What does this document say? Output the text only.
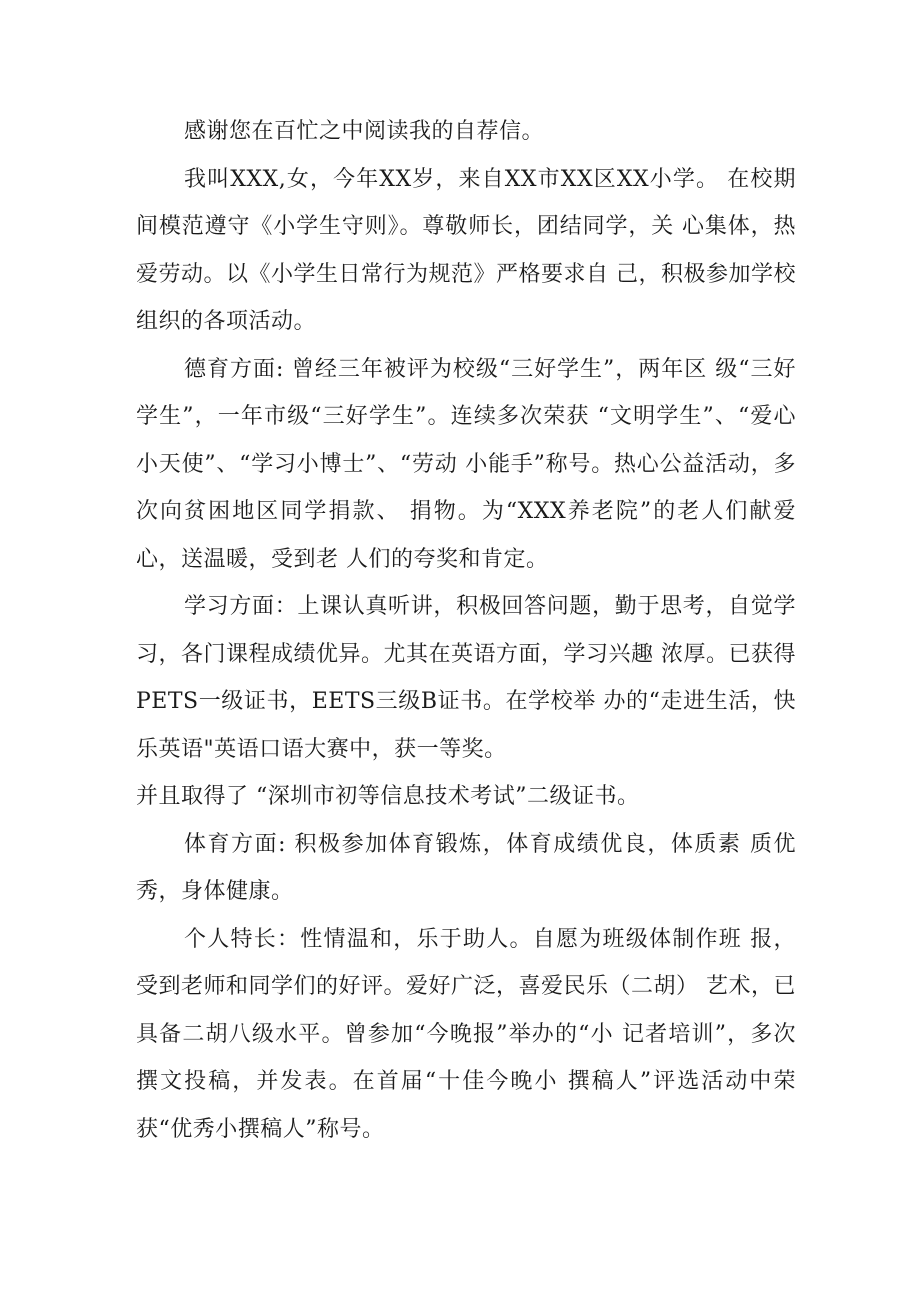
感谢您在百忙之中阅读我的自荐信。

我叫XXX,女，今年XX岁，来自XX市XX区XX小学。 在校期间模范遵守《小学生守则》。尊敬师长，团结同学，关 心集体，热爱劳动。以《小学生日常行为规范》严格要求自 己，积极参加学校组织的各项活动。

德育方面: 曾经三年被评为校级“三好学生”，两年区 级“三好学生”，一年市级“三好学生”。连续多次荣获 “文明学生”、“爱心小天使”、“学习小博士”、“劳动 小能手”称号。热心公益活动，多次向贫困地区同学捐款、 捐物。为“XXX养老院”的老人们献爱心，送温暖，受到老 人们的夸奖和肯定。

学习方面：上课认真听讲，积极回答问题，勤于思考，自觉学习，各门课程成绩优异。尤其在英语方面，学习兴趣 浓厚。已获得PETS一级证书，EETS三级B证书。在学校举 办的“走进生活，快乐英语"英语口语大赛中，获一等奖。

并且取得了 “深圳市初等信息技术考试”二级证书。

体育方面: 积极参加体育锻炼，体育成绩优良，体质素 质优秀，身体健康。

个人特长：性情温和，乐于助人。自愿为班级体制作班 报，受到老师和同学们的好评。爱好广泛，喜爱民乐（二胡） 艺术，已具备二胡八级水平。曾参加“今晚报”举办的“小 记者培训”，多次撰文投稿，并发表。在首届“十佳今晚小 撰稿人”评选活动中荣获“优秀小撰稿人”称号。
